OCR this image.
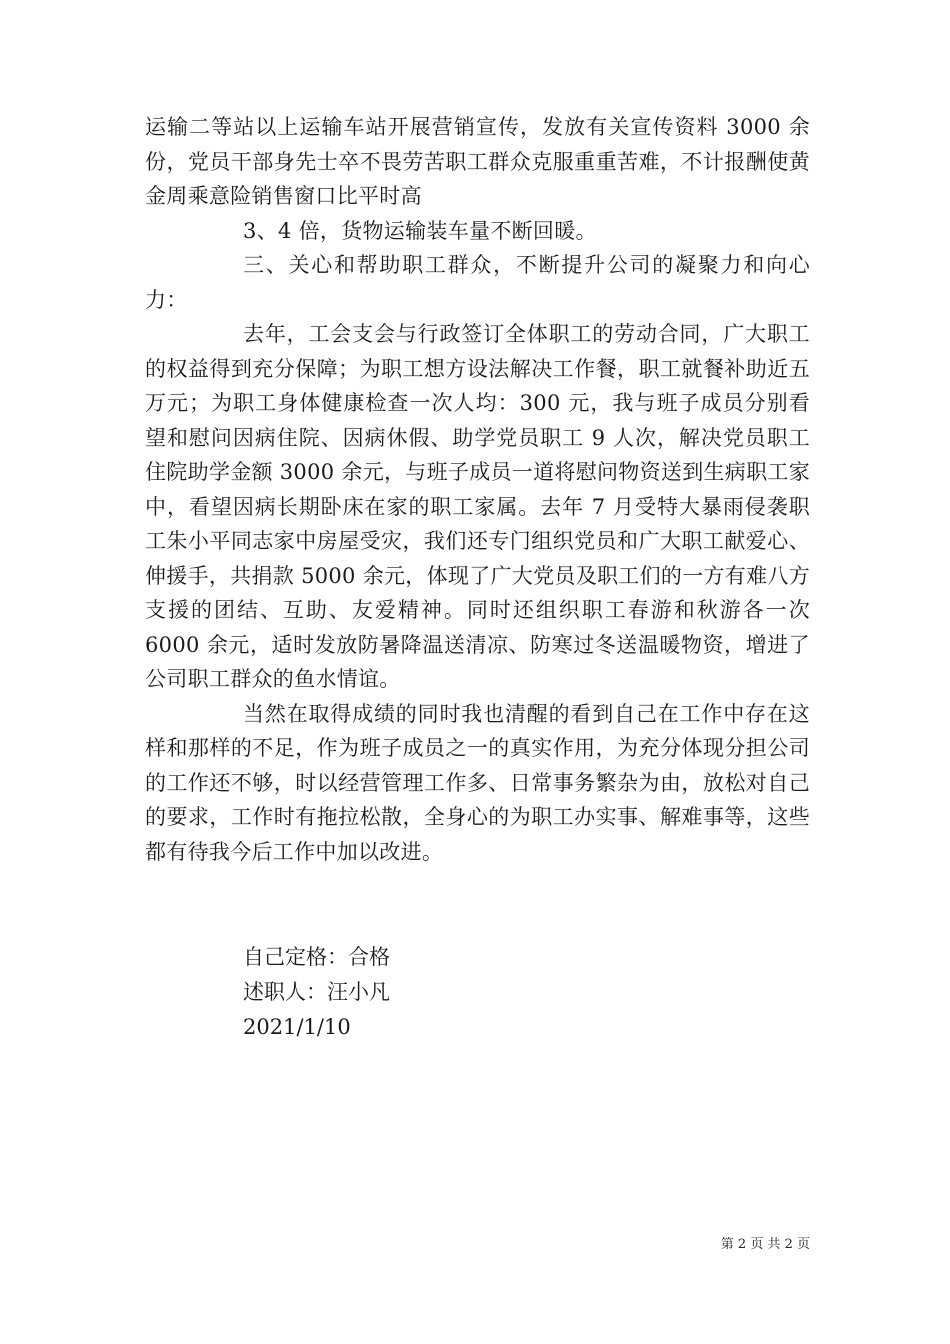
运输二等站以上运输车站开展营销宣传，发放有关宣传资料 3000 余份，党员干部身先士卒不畏劳苦职工群众克服重重苦难，不计报酬使黄金周乘意险销售窗口比平时高

3、4 倍，货物运输装车量不断回暖。

三、关心和帮助职工群众，不断提升公司的凝聚力和向心力：

去年，工会支会与行政签订全体职工的劳动合同，广大职工的权益得到充分保障；为职工想方设法解决工作餐，职工就餐补助近五万元；为职工身体健康检查一次人均：300 元，我与班子成员分别看望和慰问因病住院、因病休假、助学党员职工 9 人次，解决党员职工住院助学金额 3000 余元，与班子成员一道将慰问物资送到生病职工家中，看望因病长期卧床在家的职工家属。去年 7 月受特大暴雨侵袭职工朱小平同志家中房屋受灾，我们还专门组织党员和广大职工献爱心、伸援手，共捐款 5000 余元，体现了广大党员及职工们的一方有难八方支援的团结、互助、友爱精神。同时还组织职工春游和秋游各一次 6000 余元，适时发放防暑降温送清凉、防寒过冬送温暖物资，增进了公司职工群众的鱼水情谊。

当然在取得成绩的同时我也清醒的看到自己在工作中存在这样和那样的不足，作为班子成员之一的真实作用，为充分体现分担公司的工作还不够，时以经营管理工作多、日常事务繁杂为由，放松对自己的要求，工作时有拖拉松散，全身心的为职工办实事、解难事等，这些都有待我今后工作中加以改进。

自己定格：合格

述职人：汪小凡

2021/1/10

第 2 页 共 2 页
